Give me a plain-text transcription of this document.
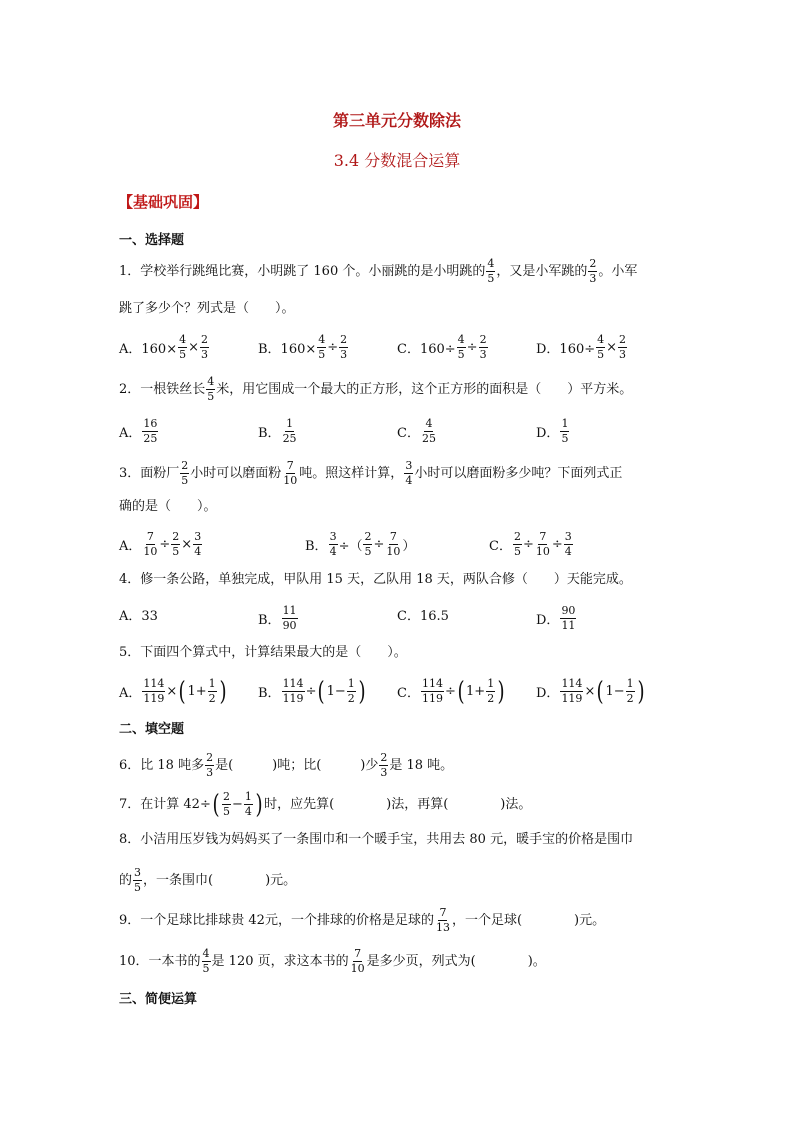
第三单元分数除法
3.4 分数混合运算
【基础巩固】
一、选择题
1．学校举行跳绳比赛，小明跳了 160 个。小丽跳的是小明跳的 $\frac{4}{5}$ ，又是小军跳的 $\frac{2}{3}$ 。小军
跳了多少个？列式是（　　）。
A．$160\times \frac{4}{5} \times \frac{2}{3}$	B．$160\times \frac{4}{5} \div \frac{2}{3}$	C．$160\div \frac{4}{5} \div \frac{2}{3}$	D．$160\div \frac{4}{5} \times \frac{2}{3}$
2．一根铁丝长 $\frac{4}{5}$ 米，用它围成一个最大的正方形，这个正方形的面积是（　　）平方米。
A． $\frac{16}{25}$	B． $\frac{1}{25}$	C． $\frac{4}{25}$	D． $\frac{1}{5}$
3．面粉厂 $\frac{2}{5}$ 小时可以磨面粉 $\frac{7}{10}$ 吨。照这样计算， $\frac{3}{4}$ 小时可以磨面粉多少吨？下面列式正
确的是（　　）。
A． $\frac{7}{10} \div \frac{2}{5} \times \frac{3}{4}$	B． $\frac{3}{4}$ ÷（ $\frac{2}{5} \div \frac{7}{10}$ ）	C． $\frac{2}{5} \div \frac{7}{10} \div \frac{3}{4}$
4．修一条公路，单独完成，甲队用 15 天，乙队用 18 天，两队合修（　　）天能完成。
A．33	B． $\frac{11}{90}$	C．16.5	D． $\frac{90}{11}$
5．下面四个算式中，计算结果最大的是（　　）。
A． $\frac{114}{119}$ × ( $1+ \frac{1}{2}$ ) B． $\frac{114}{119}$ ÷ ( $1- \frac{1}{2}$ ) C． $\frac{114}{119}$ ÷ ( $1+ \frac{1}{2}$ ) D． $\frac{114}{119}$ × ( $1- \frac{1}{2}$ )
二、填空题
6．比 18 吨多 $\frac{2}{3}$ 是(　　　)吨；比(　　　)少 $\frac{2}{3}$ 是 18 吨。
7．在计算 42÷ ( $\frac{2}{5} - \frac{1}{4}$ ) 时，应先算(　　　　)法，再算(　　　　)法。
8．小洁用压岁钱为妈妈买了一条围巾和一个暖手宝，共用去 80 元，暖手宝的价格是围巾
的 $\frac{3}{5}$ ，一条围巾(　　　　)元。
9．一个足球比排球贵 42元，一个排球的价格是足球的 $\frac{7}{13}$ ，一个足球(　　　　)元。
10．一本书的 $\frac{4}{5}$ 是 120 页，求这本书的 $\frac{7}{10}$ 是多少页，列式为(　　　　)。
三、简便运算
